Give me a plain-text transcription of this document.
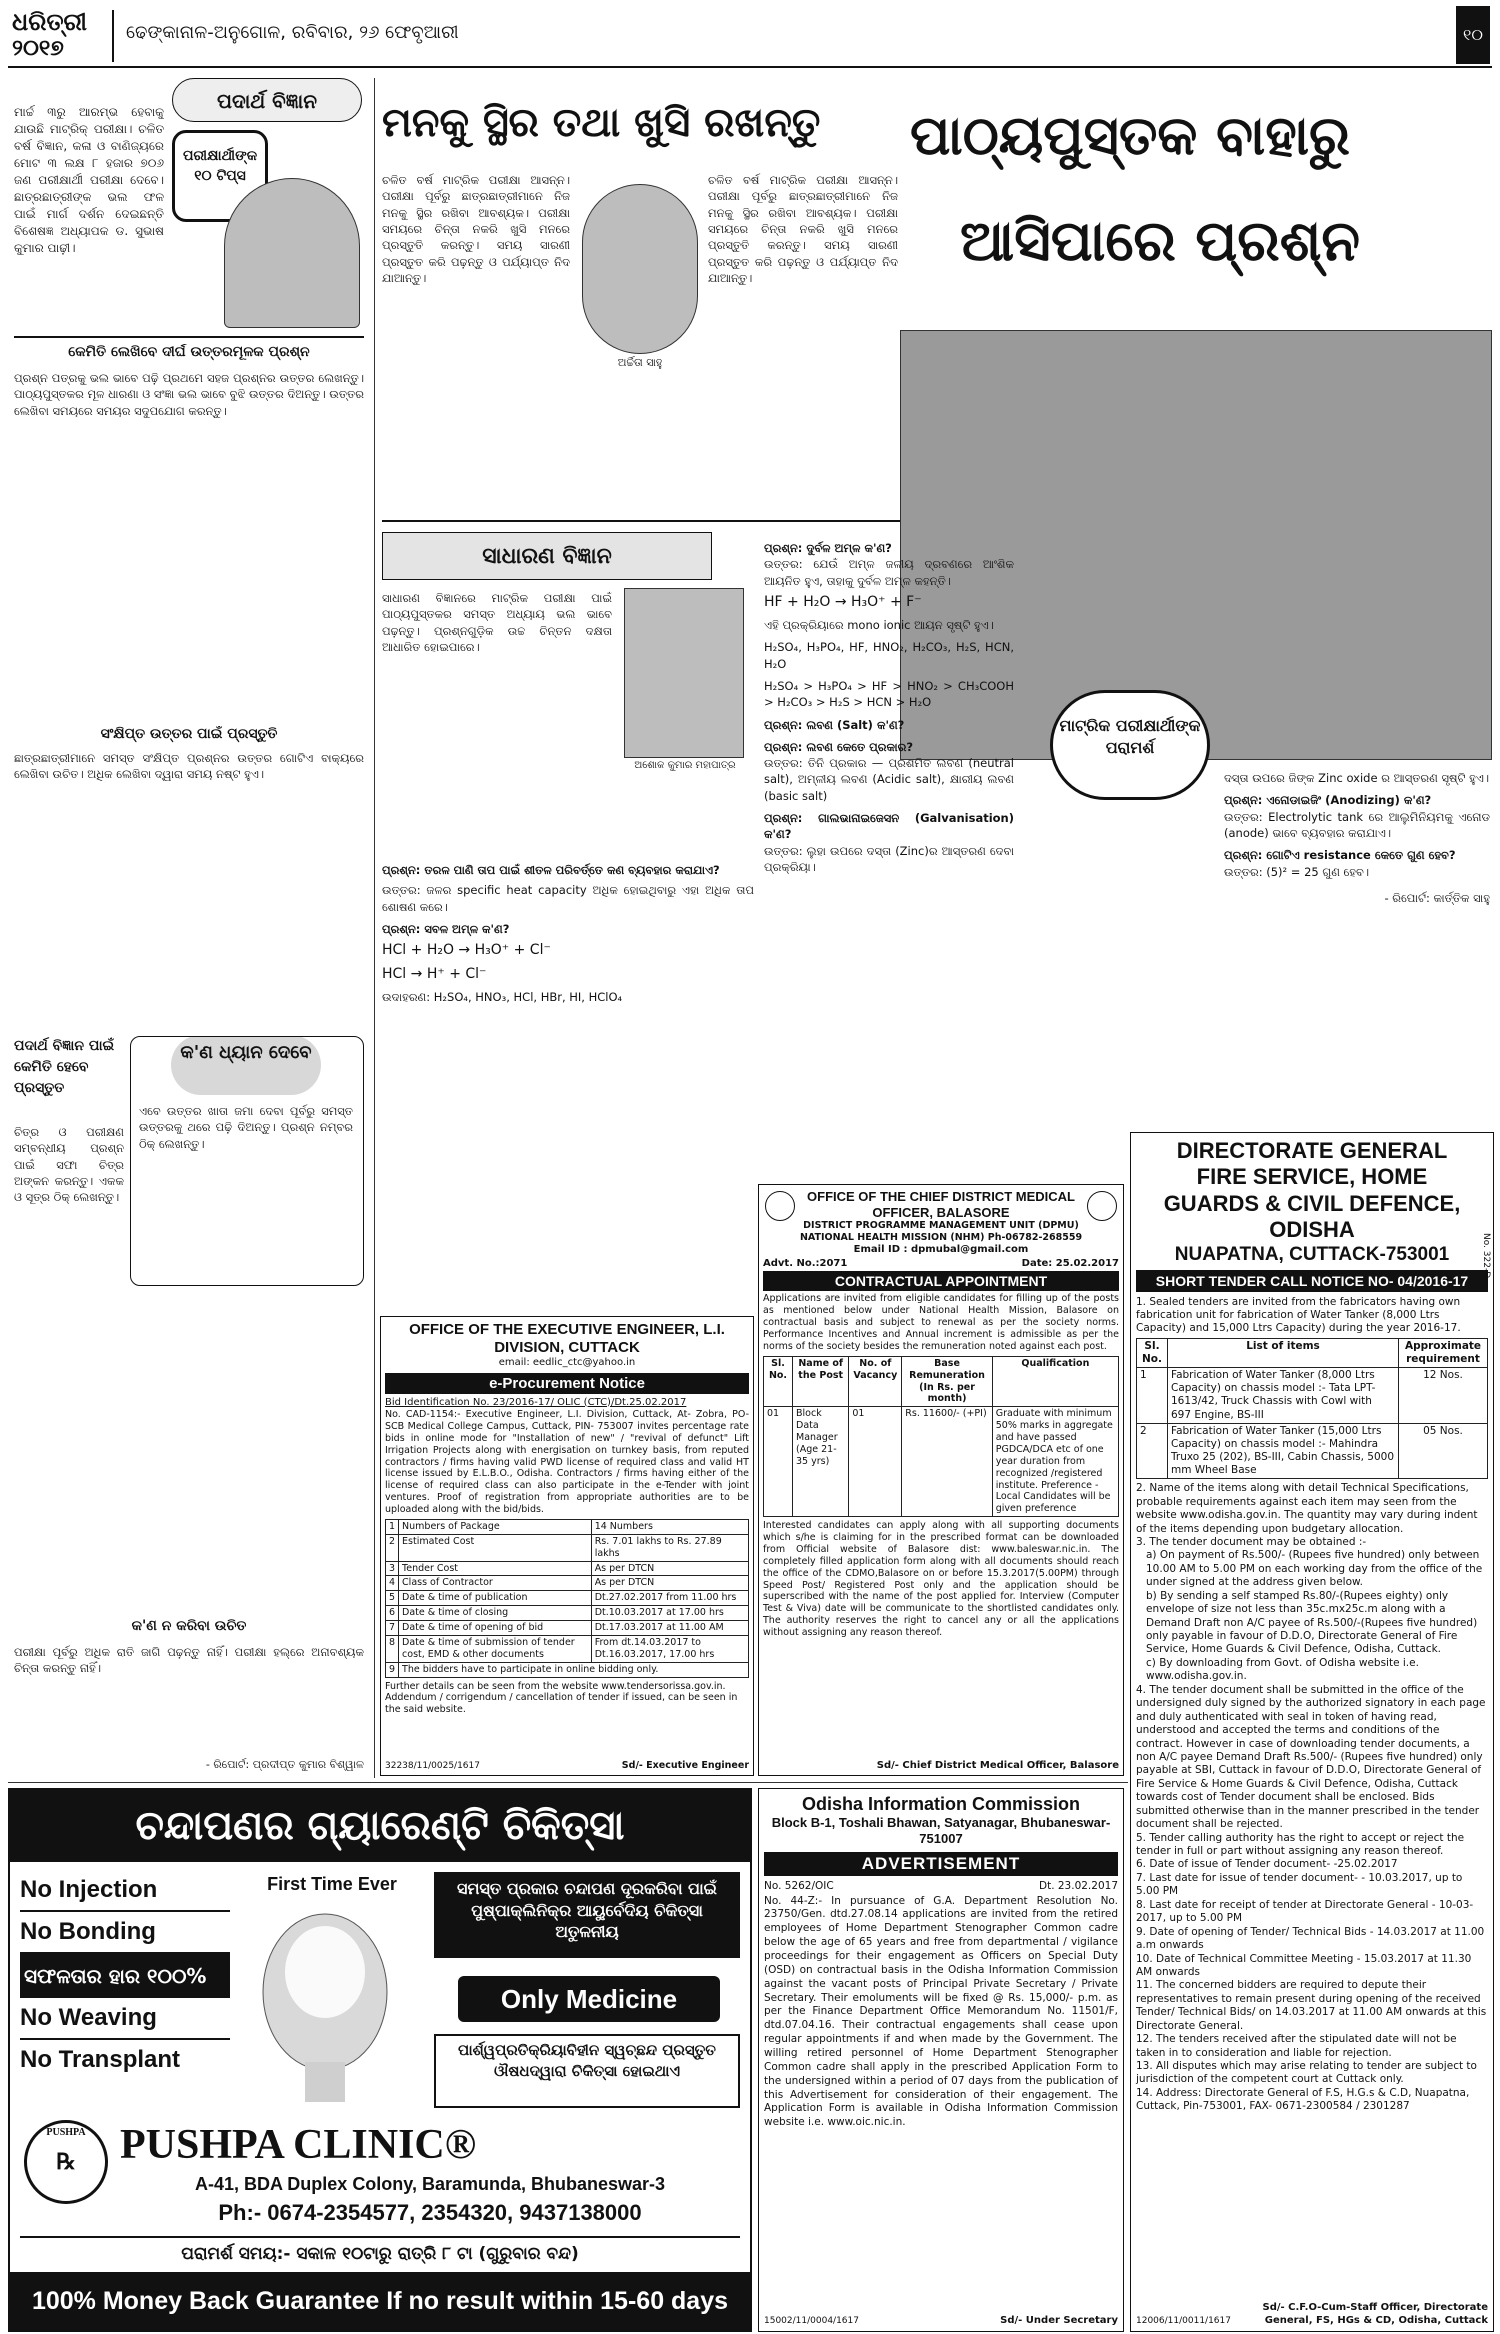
ଧରିତ୍ରୀ
୨୦୧୭
ଢେଙ୍କାନାଳ-ଅନୁଗୋଳ, ରବିବାର, ୨୬ ଫେବୃଆରୀ	୧୦
ମାର୍ଚ୍ଚ ୩ରୁ ଆରମ୍ଭ ହେବାକୁ ଯାଉଛି ମାଟ୍ରିକ୍ ପରୀକ୍ଷା। ଚଳିତ ବର୍ଷ ବିଜ୍ଞାନ, କଳା ଓ ବାଣିଜ୍ୟରେ ମୋଟ ୩ ଲକ୍ଷ ୮ ହଜାର ୭୦୬ ଜଣ ପରୀକ୍ଷାର୍ଥୀ ପରୀକ୍ଷା ଦେବେ। ଛାତ୍ରଛାତ୍ରୀଙ୍କ ଭଲ ଫଳ ପାଇଁ ମାର୍ଗ ଦର୍ଶନ ଦେଇଛନ୍ତି ବିଶେଷଜ୍ଞ ଅଧ୍ୟାପକ ଡ. ସୁଭାଷ କୁମାର ପାଢ଼ୀ।
ପଦାର୍ଥ ବିଜ୍ଞାନ
ପରୀକ୍ଷାର୍ଥୀଙ୍କ ୧୦ ଟିପ୍ସ
କେମିତି ଲେଖିବେ ଦୀର୍ଘ ଉତ୍ତରମୂଳକ ପ୍ରଶ୍ନ
ପ୍ରଶ୍ନ ପତ୍ରକୁ ଭଲ ଭାବେ ପଢ଼ି ପ୍ରଥମେ ସହଜ ପ୍ରଶ୍ନର ଉତ୍ତର ଲେଖନ୍ତୁ। ପାଠ୍ୟପୁସ୍ତକର ମୂଳ ଧାରଣା ଓ ସଂଜ୍ଞା ଭଲ ଭାବେ ବୁଝି ଉତ୍ତର ଦିଅନ୍ତୁ। ଉତ୍ତର ଲେଖିବା ସମୟରେ ସମୟର ସଦୁପଯୋଗ କରନ୍ତୁ।
ସଂକ୍ଷିପ୍ତ ଉତ୍ତର ପାଇଁ ପ୍ରସ୍ତୁତି
ଛାତ୍ରଛାତ୍ରୀମାନେ ସମସ୍ତ ସଂକ୍ଷିପ୍ତ ପ୍ରଶ୍ନର ଉତ୍ତର ଗୋଟିଏ ବାକ୍ୟରେ ଲେଖିବା ଉଚିତ। ଅଧିକ ଲେଖିବା ଦ୍ୱାରା ସମୟ ନଷ୍ଟ ହୁଏ।
ପଦାର୍ଥ ବିଜ୍ଞାନ ପାଇଁ କେମିତି ହେବେ ପ୍ରସ୍ତୁତ
କ'ଣ ଧ୍ୟାନ ଦେବେ
ଏବେ ଉତ୍ତର ଖାତା ଜମା ଦେବା ପୂର୍ବରୁ ସମସ୍ତ ଉତ୍ତରକୁ ଥରେ ପଢ଼ି ଦିଅନ୍ତୁ। ପ୍ରଶ୍ନ ନମ୍ବର ଠିକ୍ ଲେଖନ୍ତୁ।
ଚିତ୍ର ଓ ପରୀକ୍ଷଣ ସମ୍ବନ୍ଧୀୟ ପ୍ରଶ୍ନ ପାଇଁ ସଫା ଚିତ୍ର ଅଙ୍କନ କରନ୍ତୁ। ଏକକ ଓ ସୂତ୍ର ଠିକ୍ ଲେଖନ୍ତୁ।
କ'ଣ ନ କରିବା ଉଚିତ
ପରୀକ୍ଷା ପୂର୍ବରୁ ଅଧିକ ରାତି ଜାଗି ପଢ଼ନ୍ତୁ ନାହିଁ। ପରୀକ୍ଷା ହଲ୍‌ରେ ଅନାବଶ୍ୟକ ଚିନ୍ତା କରନ୍ତୁ ନାହିଁ।
- ରିପୋର୍ଟ: ପ୍ରଦୀପ୍ତ କୁମାର ବିଶ୍ୱାଳ
ମନକୁ ସ୍ଥିର ତଥା ଖୁସି ରଖନ୍ତୁ
ଚଳିତ ବର୍ଷ ମାଟ୍ରିକ ପରୀକ୍ଷା ଆସନ୍ନ। ପରୀକ୍ଷା ପୂର୍ବରୁ ଛାତ୍ରଛାତ୍ରୀମାନେ ନିଜ ମନକୁ ସ୍ଥିର ରଖିବା ଆବଶ୍ୟକ। ପରୀକ୍ଷା ସମୟରେ ଚିନ୍ତା ନକରି ଖୁସି ମନରେ ପ୍ରସ୍ତୁତି କରନ୍ତୁ। ସମୟ ସାରଣୀ ପ୍ରସ୍ତୁତ କରି ପଢ଼ନ୍ତୁ ଓ ପର୍ଯ୍ୟାପ୍ତ ନିଦ ଯାଆନ୍ତୁ।
ଅର୍ଚ୍ଚିତା ସାହୁ
ଚଳିତ ବର୍ଷ ମାଟ୍ରିକ ପରୀକ୍ଷା ଆସନ୍ନ। ପରୀକ୍ଷା ପୂର୍ବରୁ ଛାତ୍ରଛାତ୍ରୀମାନେ ନିଜ ମନକୁ ସ୍ଥିର ରଖିବା ଆବଶ୍ୟକ। ପରୀକ୍ଷା ସମୟରେ ଚିନ୍ତା ନକରି ଖୁସି ମନରେ ପ୍ରସ୍ତୁତି କରନ୍ତୁ। ସମୟ ସାରଣୀ ପ୍ରସ୍ତୁତ କରି ପଢ଼ନ୍ତୁ ଓ ପର୍ଯ୍ୟାପ୍ତ ନିଦ ଯାଆନ୍ତୁ।
ସାଧାରଣ ବିଜ୍ଞାନ
ସାଧାରଣ ବିଜ୍ଞାନରେ ମାଟ୍ରିକ ପରୀକ୍ଷା ପାଇଁ ପାଠ୍ୟପୁସ୍ତକର ସମସ୍ତ ଅଧ୍ୟାୟ ଭଲ ଭାବେ ପଢ଼ନ୍ତୁ। ପ୍ରଶ୍ନଗୁଡ଼ିକ ଉଚ୍ଚ ଚିନ୍ତନ ଦକ୍ଷତା ଆଧାରିତ ହୋଇପାରେ।
ଅଶୋକ କୁମାର ମହାପାତ୍ର
ପ୍ରଶ୍ନ: ତରଳ ପାଣି ତାପ ପାଇଁ ଶୀତଳ ପରିବର୍ତ୍ତେ କଣ ବ୍ୟବହାର କରାଯାଏ?
ଉତ୍ତର: ଜଳର specific heat capacity ଅଧିକ ହୋଇଥିବାରୁ ଏହା ଅଧିକ ତାପ ଶୋଷଣ କରେ।
ପ୍ରଶ୍ନ: ସବଳ ଅମ୍ଳ କ'ଣ?
HCl + H₂O → H₃O⁺ + Cl⁻
HCl → H⁺ + Cl⁻
ଉଦାହରଣ: H₂SO₄, HNO₃, HCl, HBr, HI, HClO₄
ପାଠ୍ୟପୁସ୍ତକ ବାହାରୁ
ଆସିପାରେ ପ୍ରଶ୍ନ
ମାଟ୍ରିକ ପରୀକ୍ଷାର୍ଥୀଙ୍କ ପରାମର୍ଶ
ପ୍ରଶ୍ନ: ଦୁର୍ବଳ ଅମ୍ଳ କ'ଣ?
ଉତ୍ତର: ଯେଉଁ ଅମ୍ଳ ଜଳୀୟ ଦ୍ରବଣରେ ଆଂଶିକ ଆୟନିତ ହୁଏ, ତାହାକୁ ଦୁର୍ବଳ ଅମ୍ଳ କହନ୍ତି।
HF + H₂O → H₃O⁺ + F⁻
ଏହି ପ୍ରକ୍ରିୟାରେ mono ionic ଆୟନ ସୃଷ୍ଟି ହୁଏ।
H₂SO₄, H₃PO₄, HF, HNO₂, H₂CO₃, H₂S, HCN, H₂O
H₂SO₄ > H₃PO₄ > HF > HNO₂ > CH₃COOH > H₂CO₃ > H₂S > HCN > H₂O
ପ୍ରଶ୍ନ: ଲବଣ (Salt) କ'ଣ?
ପ୍ରଶ୍ନ: ଲବଣ କେତେ ପ୍ରକାର?
ଉତ୍ତର: ତିନି ପ୍ରକାର — ପ୍ରଶମିତ ଲବଣ (neutral salt), ଅମ୍ଳୀୟ ଲବଣ (Acidic salt), କ୍ଷାରୀୟ ଲବଣ (basic salt)
ପ୍ରଶ୍ନ: ଗାଲଭାନାଇଜେସନ (Galvanisation) କ'ଣ?
ଉତ୍ତର: ଲୁହା ଉପରେ ଦସ୍ତା (Zinc)ର ଆସ୍ତରଣ ଦେବା ପ୍ରକ୍ରିୟା।
ଦସ୍ତା ଉପରେ ଜିଙ୍କ Zinc oxide ର ଆସ୍ତରଣ ସୃଷ୍ଟି ହୁଏ।
ପ୍ରଶ୍ନ: ଏନୋଡାଇଜିଂ (Anodizing) କ'ଣ?
ଉତ୍ତର: Electrolytic tank ରେ ଆଲୁମିନିୟମକୁ ଏନୋଡ (anode) ଭାବେ ବ୍ୟବହାର କରାଯାଏ।
ପ୍ରଶ୍ନ: ଗୋଟିଏ resistance କେତେ ଗୁଣ ହେବ?
ଉତ୍ତର: (5)² = 25 ଗୁଣ ହେବ।
- ରିପୋର୍ଟ: କାର୍ତ୍ତିକ ସାହୁ
OFFICE OF THE EXECUTIVE ENGINEER, L.I. DIVISION, CUTTACK
email: eedlic_ctc@yahoo.in
e-Procurement Notice
Bid Identification No. 23/2016-17/ OLIC (CTC)/Dt.25.02.2017
No. CAD-1154:- Executive Engineer, L.I. Division, Cuttack, At- Zobra, PO- SCB Medical College Campus, Cuttack, PIN- 753007 invites percentage rate bids in online mode for "Installation of new" / "revival of defunct" Lift Irrigation Projects along with energisation on turnkey basis, from reputed contractors / firms having valid PWD license of required class and valid HT license issued by E.L.B.O., Odisha. Contractors / firms having either of the license of required class can also participate in the e-Tender with joint ventures. Proof of registration from appropriate authorities are to be uploaded along with the bid/bids.
1	Numbers of Package	14 Numbers
2	Estimated Cost	Rs. 7.01 lakhs to Rs. 27.89 lakhs
3	Tender Cost	As per DTCN
4	Class of Contractor	As per DTCN
5	Date & time of publication	Dt.27.02.2017 from 11.00 hrs
6	Date & time of closing	Dt.10.03.2017 at 17.00 hrs
7	Date & time of opening of bid	Dt.17.03.2017 at 11.00 AM
8	Date & time of submission of tender cost, EMD & other documents	From dt.14.03.2017 to Dt.16.03.2017, 17.00 hrs
9	The bidders have to participate in online bidding only.	
Further details can be seen from the website www.tendersorissa.gov.in. Addendum / corrigendum / cancellation of tender if issued, can be seen in the said website.
32238/11/0025/1617	Sd/- Executive Engineer
OFFICE OF THE CHIEF DISTRICT MEDICAL OFFICER, BALASORE
DISTRICT PROGRAMME MANAGEMENT UNIT (DPMU) NATIONAL HEALTH MISSION (NHM) Ph-06782-268559
Email ID : dpmubal@gmail.com
Advt. No.:2071	Date: 25.02.2017
CONTRACTUAL APPOINTMENT
Applications are invited from eligible candidates for filling up of the posts as mentioned below under National Health Mission, Balasore on contractual basis and subject to renewal as per the society norms. Performance Incentives and Annual increment is admissible as per the norms of the society besides the remuneration noted against each post.
Sl. No.	Name of the Post	No. of Vacancy	Base Remuneration (In Rs. per month)	Qualification
01	Block Data Manager (Age 21-35 yrs)	01	Rs. 11600/- (+PI)	Graduate with minimum 50% marks in aggregate and have passed PGDCA/DCA etc of one year duration from recognized /registered institute. Preference - Local Candidates will be given preference
Interested candidates can apply along with all supporting documents which s/he is claiming for in the prescribed format can be downloaded from Official website of Balasore dist: www.baleswar.nic.in. The completely filled application form along with all documents should reach the office of the CDMO,Balasore on or before 15.3.2017(5.00PM) through Speed Post/ Registered Post only and the application should be superscribed with the name of the post applied for. Interview (Computer Test & Viva) date will be communicate to the shortlisted candidates only. The authority reserves the right to cancel any or all the applications without assigning any reason thereof.
Sd/- Chief District Medical Officer, Balasore
DIRECTORATE GENERAL FIRE SERVICE, HOME GUARDS & CIVIL DEFENCE, ODISHA
NUAPATNA, CUTTACK-753001	No. 322-D
SHORT TENDER CALL NOTICE NO- 04/2016-17
1. Sealed tenders are invited from the fabricators having own fabrication unit for fabrication of Water Tanker (8,000 Ltrs Capacity) and 15,000 Ltrs Capacity) during the year 2016-17.
Sl. No.	List of items	Approximate requirement
1	Fabrication of Water Tanker (8,000 Ltrs Capacity) on chassis model :- Tata LPT-1613/42, Truck Chassis with Cowl with 697 Engine, BS-III	12 Nos.
2	Fabrication of Water Tanker (15,000 Ltrs Capacity) on chassis model :- Mahindra Truxo 25 (202), BS-III, Cabin Chassis, 5000 mm Wheel Base	05 Nos.
2. Name of the items along with detail Technical Specifications, probable requirements against each item may seen from the website www.odisha.gov.in. The quantity may vary during indent of the items depending upon budgetary allocation.
3. The tender document may be obtained :-
a) On payment of Rs.500/- (Rupees five hundred) only between 10.00 AM to 5.00 PM on each working day from the office of the under signed at the address given below.
b) By sending a self stamped Rs.80/-(Rupees eighty) only envelope of size not less than 35c.mx25c.m along with a Demand Draft non A/C payee of Rs.500/-(Rupees five hundred) only payable in favour of D.D.O, Directorate General of Fire Service, Home Guards & Civil Defence, Odisha, Cuttack.
c) By downloading from Govt. of Odisha website i.e. www.odisha.gov.in.
4. The tender document shall be submitted in the office of the undersigned duly signed by the authorized signatory in each page and duly authenticated with seal in token of having read, understood and accepted the terms and conditions of the contract. However in case of downloading tender documents, a non A/C payee Demand Draft Rs.500/- (Rupees five hundred) only payable at SBI, Cuttack in favour of D.D.O, Directorate General of Fire Service & Home Guards & Civil Defence, Odisha, Cuttack towards cost of Tender document shall be enclosed. Bids submitted otherwise than in the manner prescribed in the tender document shall be rejected.
5. Tender calling authority has the right to accept or reject the tender in full or part without assigning any reason thereof.
6. Date of issue of Tender document- -25.02.2017
7. Last date for issue of tender document- - 10.03.2017, up to 5.00 PM
8. Last date for receipt of tender at Directorate General - 10-03-2017, up to 5.00 PM
9. Date of opening of Tender/ Technical Bids - 14.03.2017 at 11.00 a.m onwards
10. Date of Technical Committee Meeting - 15.03.2017 at 11.30 AM onwards
11. The concerned bidders are required to depute their representatives to remain present during opening of the received Tender/ Technical Bids/ on 14.03.2017 at 11.00 AM onwards at this Directorate General.
12. The tenders received after the stipulated date will not be taken in to consideration and liable for rejection.
13. All disputes which may arise relating to tender are subject to jurisdiction of the competent court at Cuttack only.
14. Address: Directorate General of F.S, H.G.s & C.D, Nuapatna, Cuttack, Pin-753001, FAX- 0671-2300584 / 2301287
Sd/- C.F.O-Cum-Staff Officer, Directorate General, FS, HGs & CD, Odisha, Cuttack
12006/11/0011/1617
Odisha Information Commission
Block B-1, Toshali Bhawan, Satyanagar, Bhubaneswar-751007
ADVERTISEMENT
No. 5262/OIC	Dt. 23.02.2017
No. 44-Z:- In pursuance of G.A. Department Resolution No. 23750/Gen. dtd.27.08.14 applications are invited from the retired employees of Home Department Stenographer Common cadre below the age of 65 years and free from departmental / vigilance proceedings for their engagement as Officers on Special Duty (OSD) on contractual basis in the Odisha Information Commission against the vacant posts of Principal Private Secretary / Private Secretary. Their emoluments will be fixed @ Rs. 15,000/- p.m. as per the Finance Department Office Memorandum No. 11501/F, dtd.07.04.16. Their contractual engagements shall cease upon regular appointments if and when made by the Government. The willing retired personnel of Home Department Stenographer Common cadre shall apply in the prescribed Application Form to the undersigned within a period of 07 days from the publication of this Advertisement for consideration of their engagement. The Application Form is available in Odisha Information Commission website i.e. www.oic.nic.in.
15002/11/0004/1617	Sd/- Under Secretary
ଚନ୍ଦାପଣର ଗ୍ୟାରେଣ୍ଟି ଚିକିତ୍ସା
No Injection
No Bonding
ସଫଳତାର ହାର ୧୦୦%
No Weaving
No Transplant
First Time Ever	ସମସ୍ତ ପ୍ରକାର ଚନ୍ଦାପଣ ଦୂରକରିବା ପାଇଁ ପୁଷ୍ପାକ୍ଲିନିକ୍‌ର ଆୟୁର୍ବେଦିୟ ଚିକିତ୍ସା ଅତୁଳନୀୟ
Only Medicine
ପାର୍ଶ୍ୱପ୍ରତିକ୍ରିୟାବିହୀନ ସ୍ୱଚ୍ଛନ୍ଦ ପ୍ରସ୍ତୁତ ଔଷଧଦ୍ୱାରା ଚିକିତ୍ସା ହୋଇଥାଏ
PUSHPA
℞ PUSHPA CLINIC®
A-41, BDA Duplex Colony, Baramunda, Bhubaneswar-3
Ph:- 0674-2354577, 2354320, 9437138000
ପରାମର୍ଶ ସମୟ:- ସକାଳ ୧୦ଟାରୁ ରାତ୍ରି ୮ ଟା (ଗୁରୁବାର ବନ୍ଦ)
100% Money Back Guarantee If no result within 15-60 days
